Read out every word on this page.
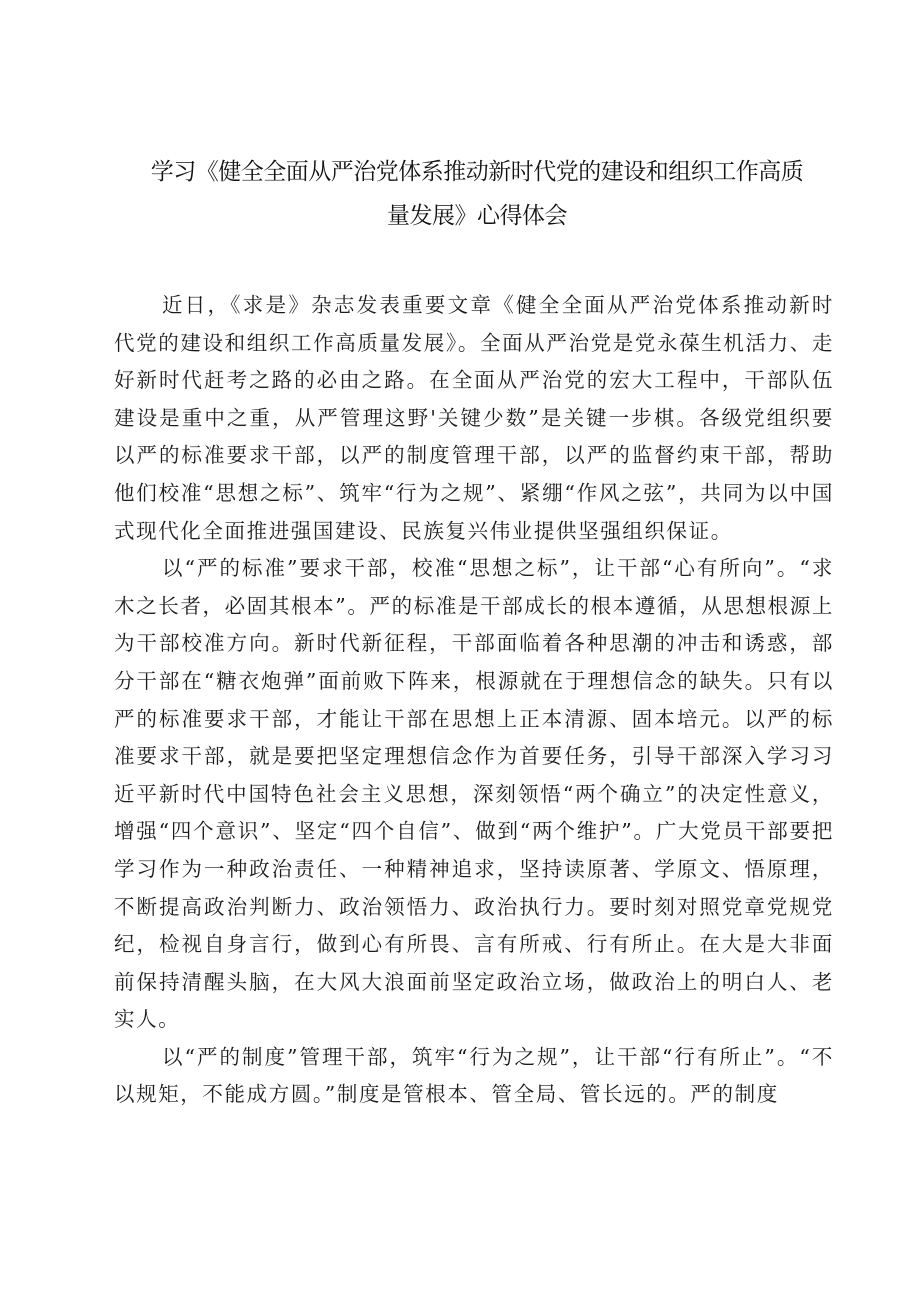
学习《健全全面从严治党体系推动新时代党的建设和组织工作高质
量发展》心得体会

近日，《求是》杂志发表重要文章《健全全面从严治党体系推动新时代党的建设和组织工作高质量发展》。全面从严治党是党永葆生机活力、走好新时代赶考之路的必由之路。在全面从严治党的宏大工程中，干部队伍建设是重中之重，从严管理这野'关键少数”是关键一步棋。各级党组织要以严的标准要求干部，以严的制度管理干部，以严的监督约束干部，帮助他们校准“思想之标”、筑牢“行为之规”、紧绷“作风之弦”，共同为以中国式现代化全面推进强国建设、民族复兴伟业提供坚强组织保证。

以“严的标准”要求干部，校准“思想之标”，让干部“心有所向”。“求木之长者，必固其根本”。严的标准是干部成长的根本遵循，从思想根源上为干部校准方向。新时代新征程，干部面临着各种思潮的冲击和诱惑，部分干部在“糖衣炮弹”面前败下阵来，根源就在于理想信念的缺失。只有以严的标准要求干部，才能让干部在思想上正本清源、固本培元。以严的标准要求干部，就是要把坚定理想信念作为首要任务，引导干部深入学习习近平新时代中国特色社会主义思想，深刻领悟“两个确立”的决定性意义，增强“四个意识”、坚定“四个自信”、做到“两个维护”。广大党员干部要把学习作为一种政治责任、一种精神追求，坚持读原著、学原文、悟原理，不断提高政治判断力、政治领悟力、政治执行力。要时刻对照党章党规党纪，检视自身言行，做到心有所畏、言有所戒、行有所止。在大是大非面前保持清醒头脑，在大风大浪面前坚定政治立场，做政治上的明白人、老实人。

以“严的制度”管理干部，筑牢“行为之规”，让干部“行有所止”。“不以规矩，不能成方圆。”制度是管根本、管全局、管长远的。严的制度
